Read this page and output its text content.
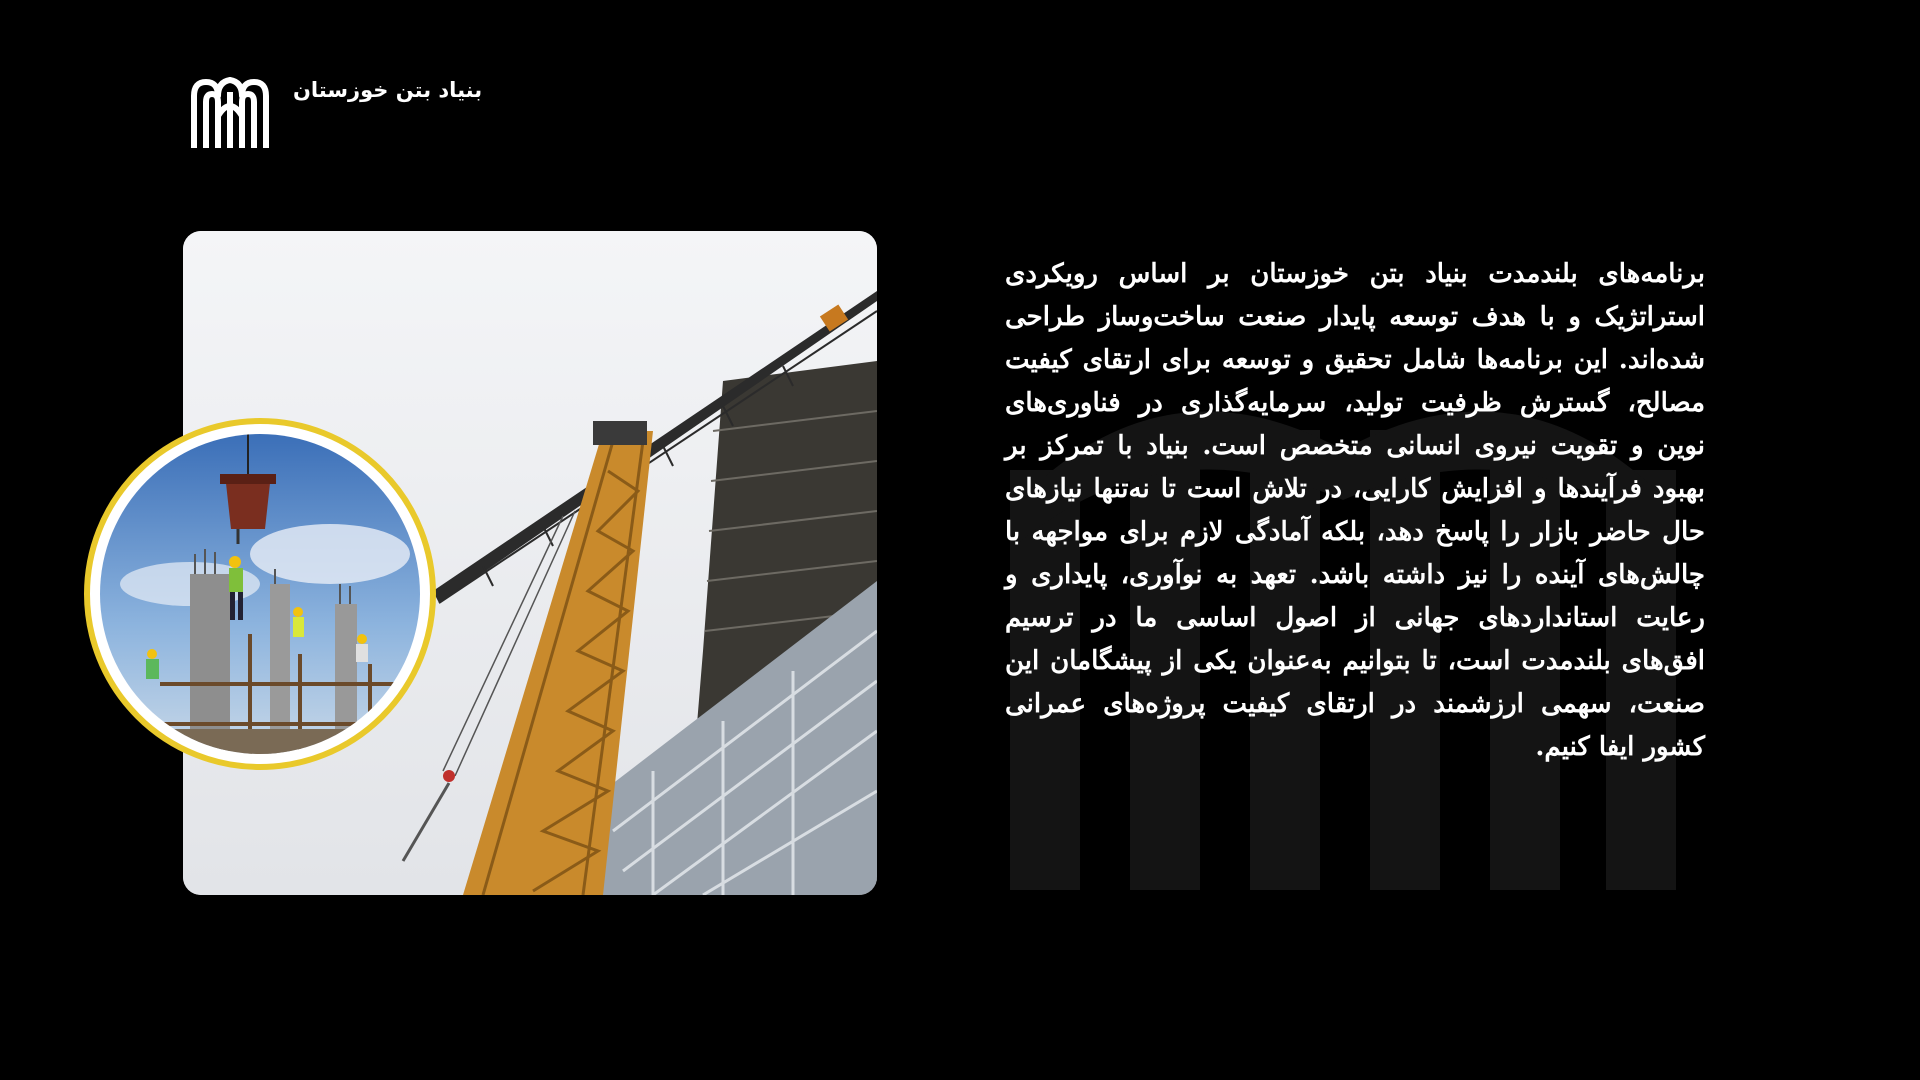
بنیاد بتن خوزستان

برنامه‌های بلندمدت بنیاد بتن خوزستان بر اساس رویکردی استراتژیک و با هدف توسعه پایدار صنعت ساخت‌وساز طراحی شده‌اند. این برنامه‌ها شامل تحقیق و توسعه برای ارتقای کیفیت مصالح، گسترش ظرفیت تولید، سرمایه‌گذاری در فناوری‌های نوین و تقویت نیروی انسانی متخصص است. بنیاد با تمرکز بر بهبود فرآیندها و افزایش کارایی، در تلاش است تا نه‌تنها نیازهای حال حاضر بازار را پاسخ دهد، بلکه آمادگی لازم برای مواجهه با چالش‌های آینده را نیز داشته باشد. تعهد به نوآوری، پایداری و رعایت استانداردهای جهانی از اصول اساسی ما در ترسیم افق‌های بلندمدت است، تا بتوانیم به‌عنوان یکی از پیشگامان این صنعت، سهمی ارزشمند در ارتقای کیفیت پروژه‌های عمرانی کشور ایفا کنیم.
